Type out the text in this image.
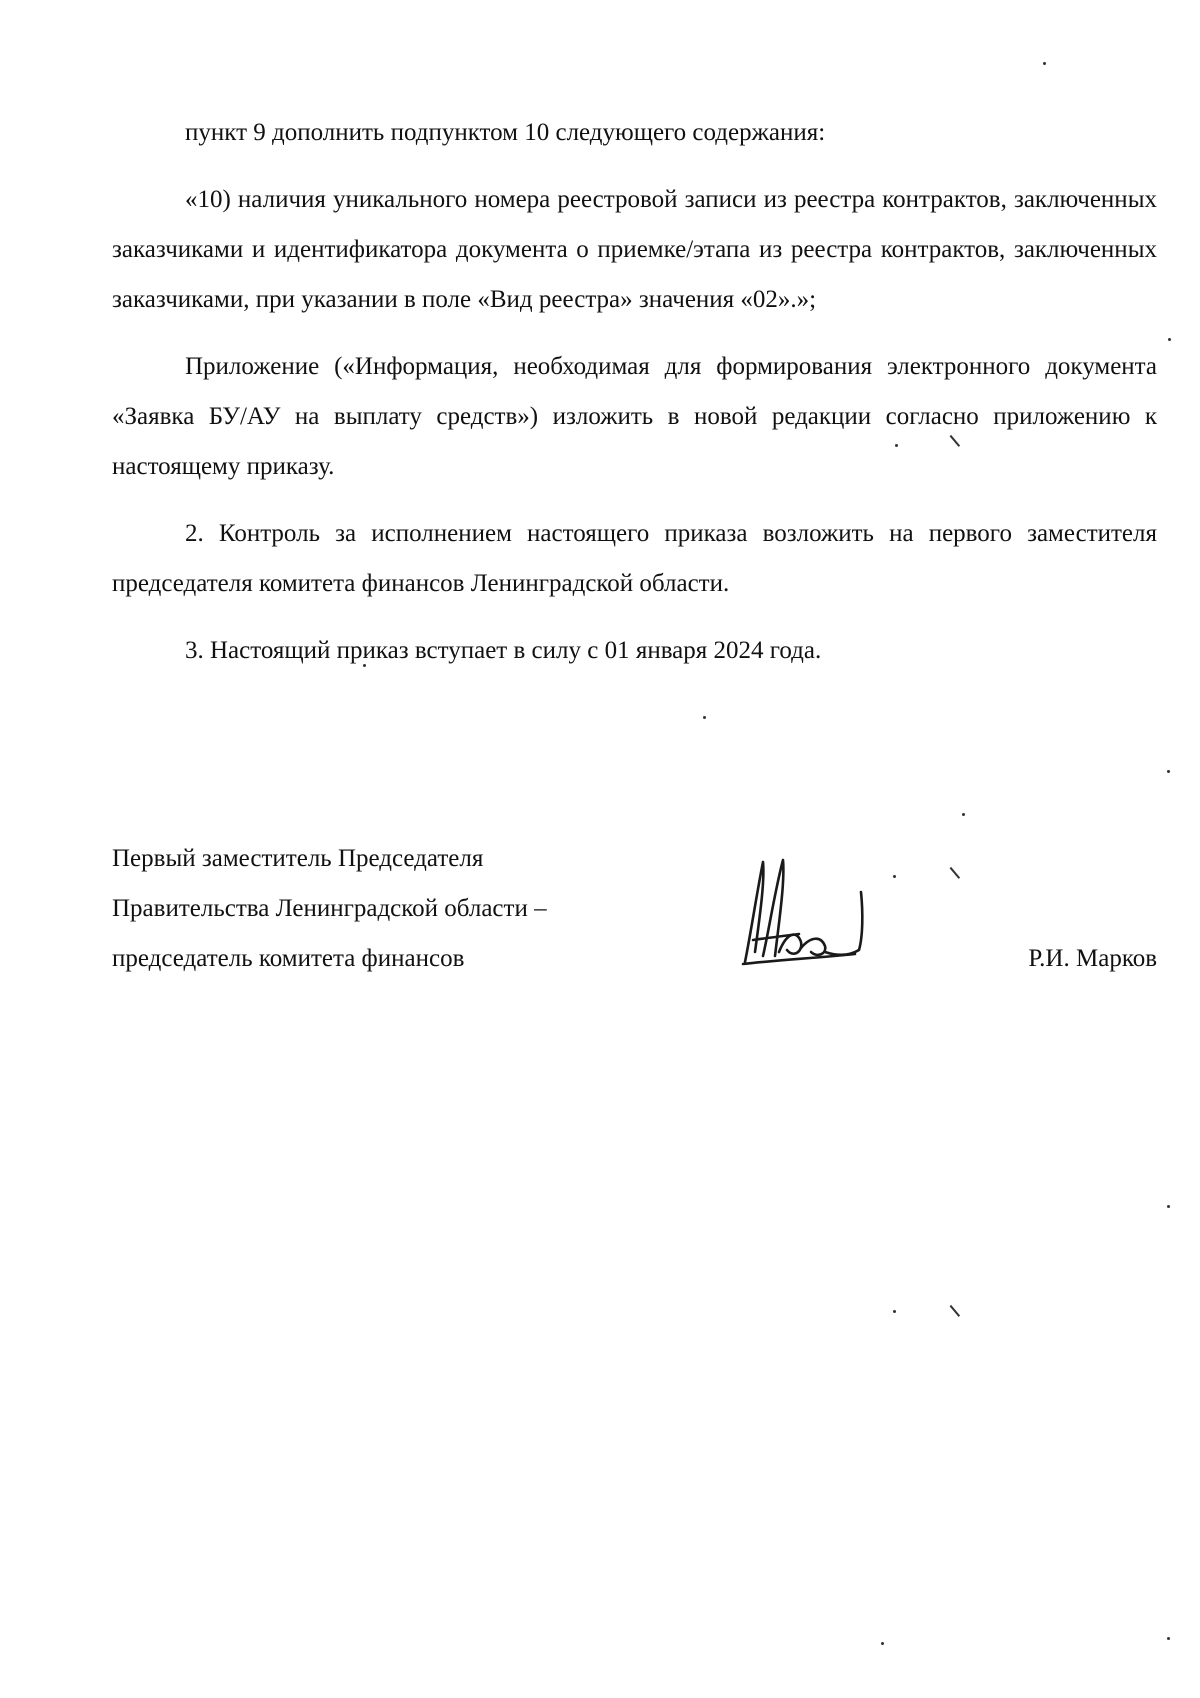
пункт 9 дополнить подпунктом 10 следующего содержания:

«10) наличия уникального номера реестровой записи из реестра контрактов, заключенных заказчиками и идентификатора документа о приемке/этапа из реестра контрактов, заключенных заказчиками, при указании в поле «Вид реестра» значения «02».»;

Приложение («Информация, необходимая для формирования электронного документа «Заявка БУ/АУ на выплату средств») изложить в новой редакции согласно приложению к настоящему приказу.

2. Контроль за исполнением настоящего приказа возложить на первого заместителя председателя комитета финансов Ленинградской области.

3. Настоящий приказ вступает в силу с 01 января 2024 года.

Первый заместитель Председателя
Правительства Ленинградской области –
председатель комитета финансов	Р.И. Марков
